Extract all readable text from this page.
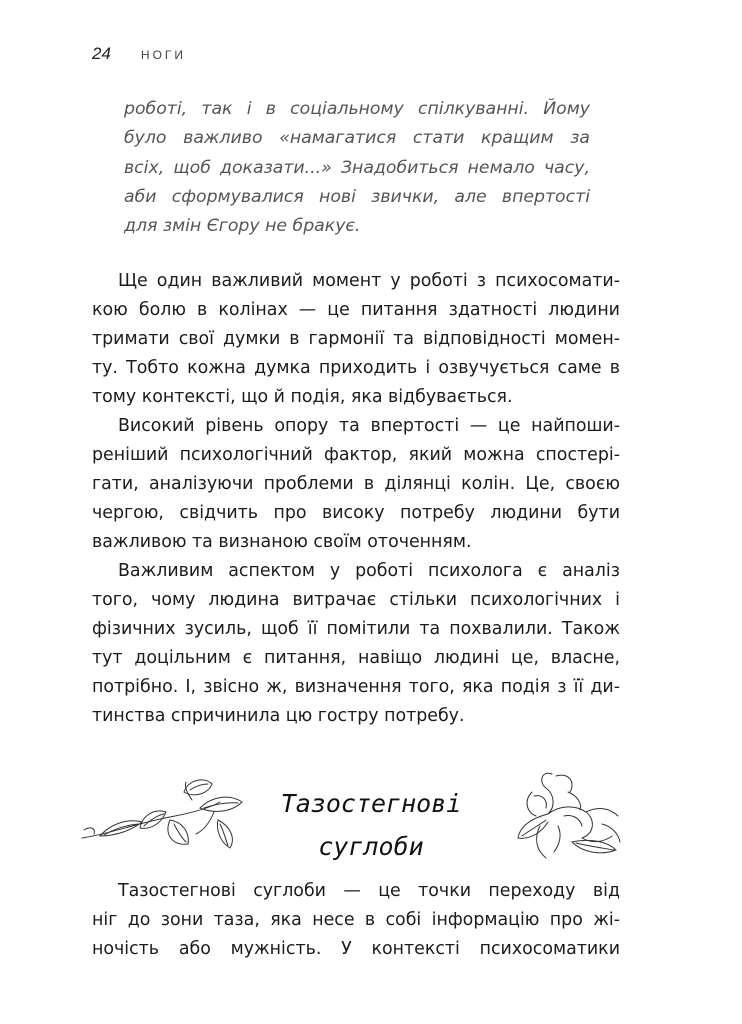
24	НОГИ
роботі, так і в соціальному спілкуванні. Йому
було важливо «намагатися стати кращим за
всіх, щоб доказати...» Знадобиться немало часу,
аби сформувалися нові звички, але впертості
для змін Єгору не бракує.
Ще один важливий момент у роботі з психосомати-
кою болю в колінах — це питання здатності людини
тримати свої думки в гармонії та відповідності момен-
ту. Тобто кожна думка приходить і озвучується саме в
тому контексті, що й подія, яка відбувається.
Високий рівень опору та впертості — це найпоши-
реніший психологічний фактор, який можна спостері-
гати, аналізуючи проблеми в ділянці колін. Це, своєю
чергою, свідчить про високу потребу людини бути
важливою та визнаною своїм оточенням.
Важливим аспектом у роботі психолога є аналіз
того, чому людина витрачає стільки психологічних і
фізичних зусиль, щоб її помітили та похвалили. Також
тут доцільним є питання, навіщо людині це, власне,
потрібно. І, звісно ж, визначення того, яка подія з її ди-
тинства спричинила цю гостру потребу.
Тазостегнові
суглоби
Тазостегнові суглоби — це точки переходу від
ніг до зони таза, яка несе в собі інформацію про жі-
ночість або мужність. У контексті психосоматики
